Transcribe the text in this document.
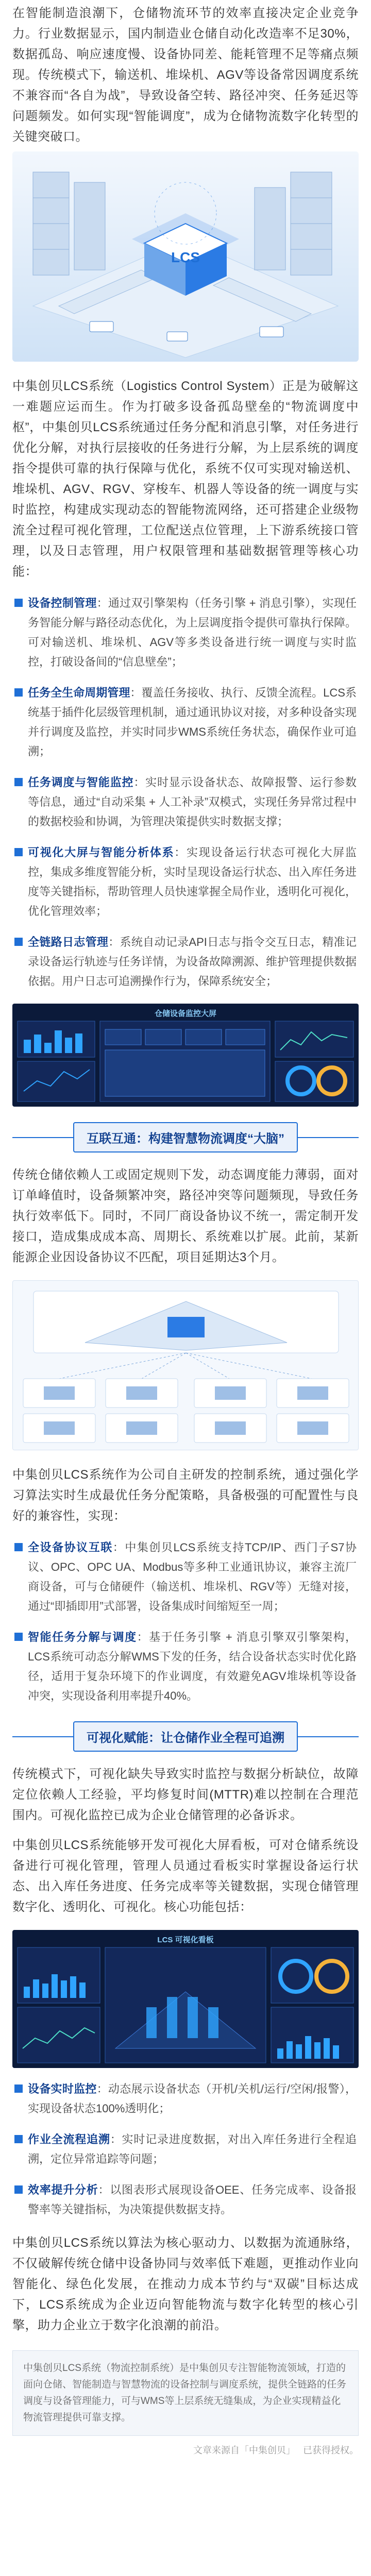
在智能制造浪潮下，仓储物流环节的效率直接决定企业竞争力。行业数据显示，国内制造业仓储自动化改造率不足30%，数据孤岛、响应速度慢、设备协同差、能耗管理不足等痛点频现。传统模式下，输送机、堆垛机、AGV等设备常因调度系统不兼容而“各自为战”，导致设备空转、路径冲突、任务延迟等问题频发。如何实现“智能调度”，成为仓储物流数字化转型的关键突破口。

LCS

中集创贝LCS系统（Logistics Control System）正是为破解这一难题应运而生。作为打破多设备孤岛壁垒的“物流调度中枢”，中集创贝LCS系统通过任务分配和消息引擎，对任务进行优化分解，对执行层接收的任务进行分解，为上层系统的调度指令提供可靠的执行保障与优化，系统不仅可实现对输送机、堆垛机、AGV、RGV、穿梭车、机器人等设备的统一调度与实时监控，构建成实现动态的智能物流网络，还可搭建企业级物流全过程可视化管理，工位配送点位管理，上下游系统接口管理，以及日志管理，用户权限管理和基础数据管理等核心功能：

设备控制管理：通过双引擎架构（任务引擎 + 消息引擎），实现任务智能分解与路径动态优化，为上层调度指令提供可靠执行保障。可对输送机、堆垛机、AGV等多类设备进行统一调度与实时监控，打破设备间的“信息壁垒”；

任务全生命周期管理：覆盖任务接收、执行、反馈全流程。LCS系统基于插件化层级管理机制，通过通讯协议对接，对多种设备实现并行调度及监控，并实时同步WMS系统任务状态，确保作业可追溯；

任务调度与智能监控：实时显示设备状态、故障报警、运行参数等信息，通过“自动采集 + 人工补录”双模式，实现任务异常过程中的数据校验和协调，为管理决策提供实时数据支撑；

可视化大屏与智能分析体系：实现设备运行状态可视化大屏监控，集成多维度智能分析，实时呈现设备运行状态、出入库任务进度等关键指标，帮助管理人员快速掌握全局作业，透明化可视化，优化管理效率；

全链路日志管理：系统自动记录API日志与指令交互日志，精准记录设备运行轨迹与任务详情，为设备故障溯源、维护管理提供数据依据。用户日志可追溯操作行为，保障系统安全；

仓储设备监控大屏
互联互通：构建智慧物流调度“大脑”

传统仓储依赖人工或固定规则下发，动态调度能力薄弱，面对订单峰值时，设备频繁冲突，路径冲突等问题频现，导致任务执行效率低下。同时，不同厂商设备协议不统一，需定制开发接口，造成集成成本高、周期长、系统难以扩展。此前，某新能源企业因设备协议不匹配，项目延期达3个月。

中集创贝LCS系统作为公司自主研发的控制系统，通过强化学习算法实时生成最优任务分配策略，具备极强的可配置性与良好的兼容性，实现：

全设备协议互联：中集创贝LCS系统支持TCP/IP、西门子S7协议、OPC、OPC UA、Modbus等多种工业通讯协议，兼容主流厂商设备，可与仓储硬件（输送机、堆垛机、RGV等）无缝对接，通过“即插即用”式部署，设备集成时间缩短至一周；

智能任务分解与调度：基于任务引擎 + 消息引擎双引擎架构，LCS系统可动态分解WMS下发的任务，结合设备状态实时优化路径，适用于复杂环境下的作业调度，有效避免AGV堆垛机等设备冲突，实现设备利用率提升40%。

可视化赋能：让仓储作业全程可追溯

传统模式下，可视化缺失导致实时监控与数据分析缺位，故障定位依赖人工经验，平均修复时间(MTTR)难以控制在合理范围内。可视化监控已成为企业仓储管理的必备诉求。

中集创贝LCS系统能够开发可视化大屏看板，可对仓储系统设备进行可视化管理，管理人员通过看板实时掌握设备运行状态、出入库任务进度、任务完成率等关键数据，实现仓储管理数字化、透明化、可视化。核心功能包括：

LCS 可视化看板

设备实时监控：动态展示设备状态（开机/关机/运行/空闲/报警），实现设备状态100%透明化；

作业全流程追溯：实时记录进度数据，对出入库任务进行全程追溯，定位异常追踪等问题；

效率提升分析：以图表形式展现设备OEE、任务完成率、设备报警率等关键指标，为决策提供数据支持。

中集创贝LCS系统以算法为核心驱动力、以数据为流通脉络，不仅破解传统仓储中设备协同与效率低下难题，更推动作业向智能化、绿色化发展，在推动力成本节约与“双碳”目标达成下，LCS系统成为企业迈向智能物流与数字化转型的核心引擎，助力企业立于数字化浪潮的前沿。

中集创贝LCS系统（物流控制系统）是中集创贝专注智能物流领域，打造的面向仓储、智能制造与智慧物流的设备控制与调度系统，提供全链路的任务调度与设备管理能力，可与WMS等上层系统无缝集成，为企业实现精益化物流管理提供可靠支撑。
文章来源自「中集创贝」 已获得授权。
